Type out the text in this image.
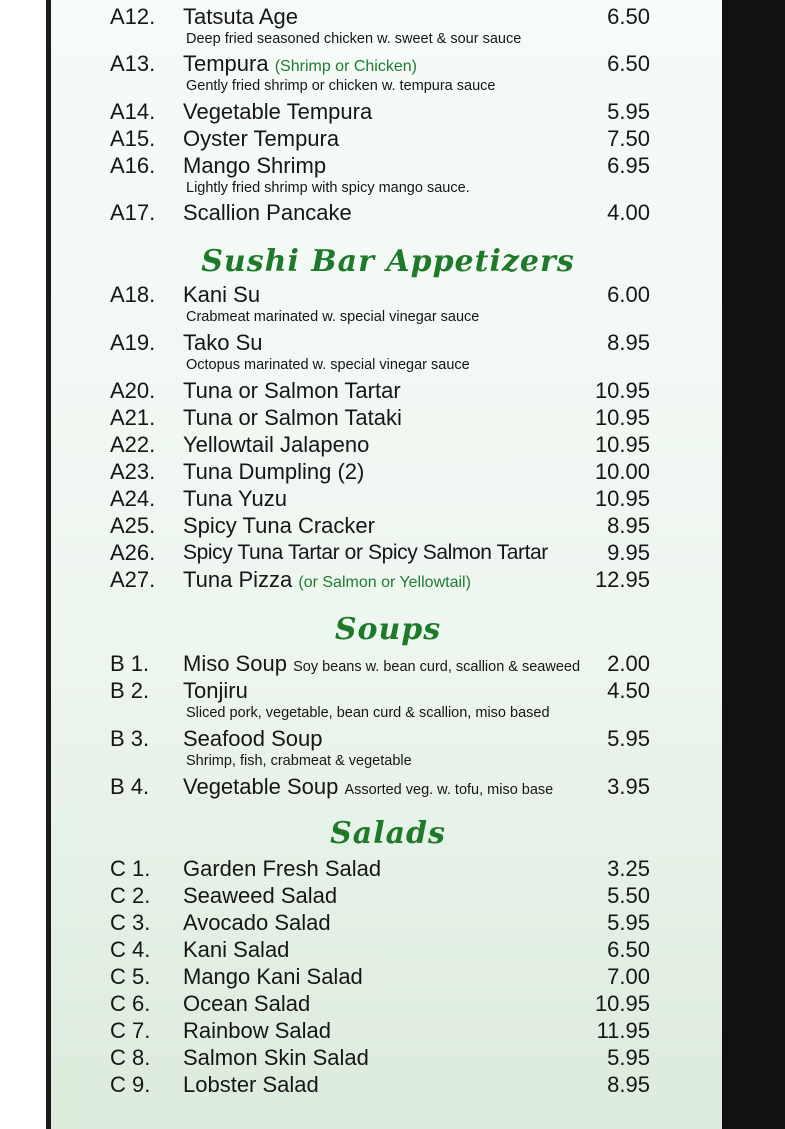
A12. Tatsuta Age	6.50
Deep fried seasoned chicken w. sweet & sour sauce
A13. Tempura (Shrimp or Chicken)	6.50
Gently fried shrimp or chicken w. tempura sauce
A14. Vegetable Tempura	5.95
A15. Oyster Tempura	7.50
A16. Mango Shrimp	6.95
Lightly fried shrimp with spicy mango sauce.
A17. Scallion Pancake	4.00
Sushi Bar Appetizers
A18. Kani Su	6.00
Crabmeat marinated w. special vinegar sauce
A19. Tako Su	8.95
Octopus marinated w. special vinegar sauce
A20. Tuna or Salmon Tartar	10.95
A21. Tuna or Salmon Tataki	10.95
A22. Yellowtail Jalapeno	10.95
A23. Tuna Dumpling (2)	10.00
A24. Tuna Yuzu	10.95
A25. Spicy Tuna Cracker	8.95
A26. Spicy Tuna Tartar or Spicy Salmon Tartar	9.95
A27. Tuna Pizza (or Salmon or Yellowtail)	12.95
Soups
B 1. Miso Soup Soy beans w. bean curd, scallion & seaweed 2.00
B 2. Tonjiru	4.50
Sliced pork, vegetable, bean curd & scallion, miso based
B 3. Seafood Soup	5.95
Shrimp, fish, crabmeat & vegetable
B 4. Vegetable Soup Assorted veg. w. tofu, miso base 3.95
Salads
C 1. Garden Fresh Salad	3.25
C 2. Seaweed Salad	5.50
C 3. Avocado Salad	5.95
C 4. Kani Salad	6.50
C 5. Mango Kani Salad	7.00
C 6. Ocean Salad	10.95
C 7. Rainbow Salad	11.95
C 8. Salmon Skin Salad	5.95
C 9. Lobster Salad	8.95
